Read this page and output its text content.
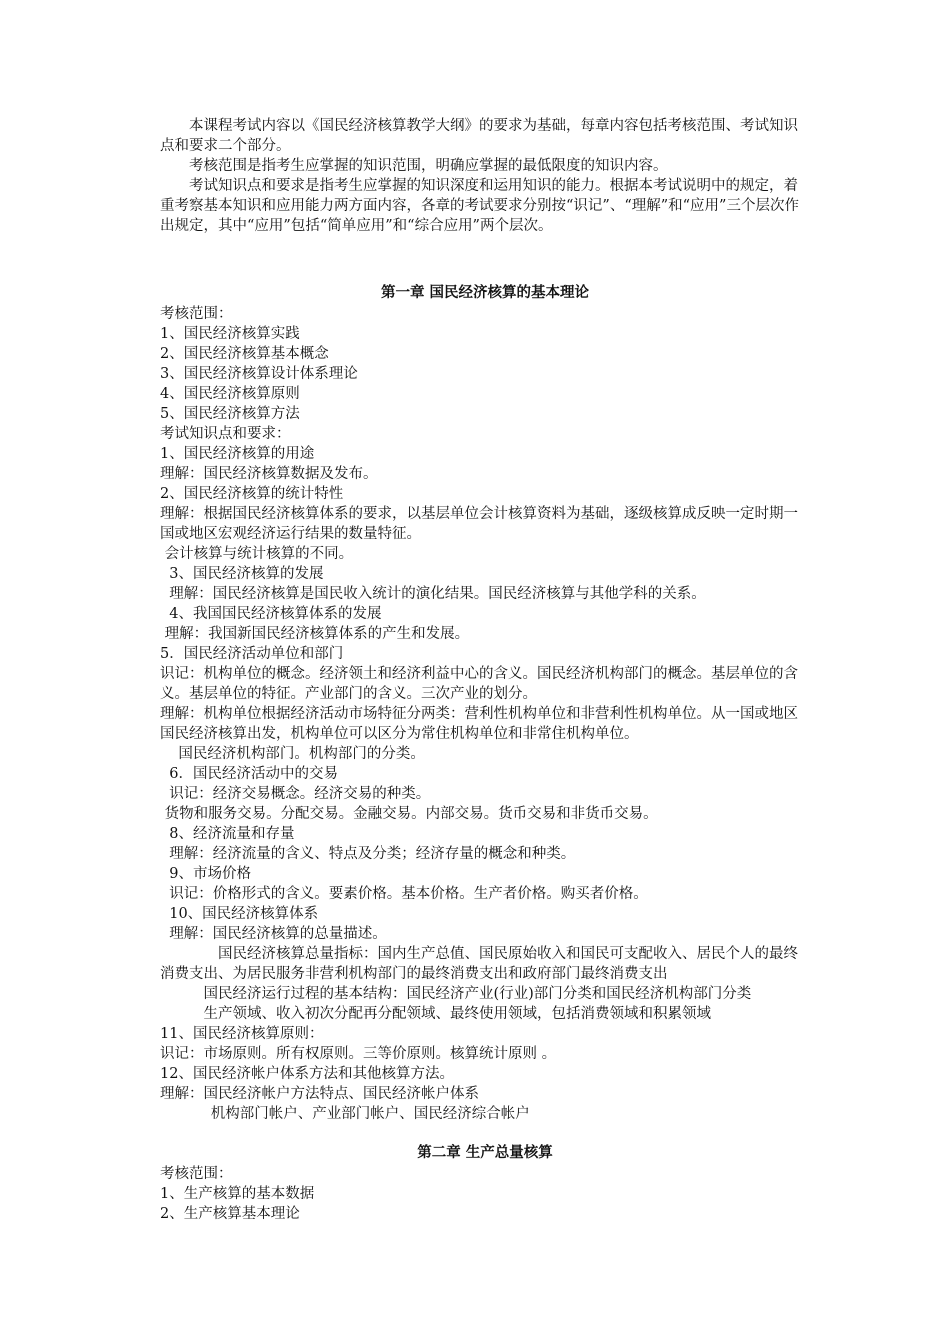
本课程考试内容以《国民经济核算教学大纲》的要求为基础，每章内容包括考核范围、考试知识点和要求二个部分。

考核范围是指考生应掌握的知识范围，明确应掌握的最低限度的知识内容。

考试知识点和要求是指考生应掌握的知识深度和运用知识的能力。根据本考试说明中的规定，着重考察基本知识和应用能力两方面内容，各章的考试要求分别按“识记”、“理解”和“应用”三个层次作出规定，其中“应用”包括“简单应用”和“综合应用”两个层次。

第一章 国民经济核算的基本理论

考核范围：

1、国民经济核算实践

2、国民经济核算基本概念

3、国民经济核算设计体系理论

4、国民经济核算原则

5、国民经济核算方法

考试知识点和要求：

1、国民经济核算的用途

理解：国民经济核算数据及发布。

2、国民经济核算的统计特性

理解：根据国民经济核算体系的要求，以基层单位会计核算资料为基础，逐级核算成反映一定时期一国或地区宏观经济运行结果的数量特征。

会计核算与统计核算的不同。

3、国民经济核算的发展

理解：国民经济核算是国民收入统计的演化结果。国民经济核算与其他学科的关系。

4、我国国民经济核算体系的发展

理解：我国新国民经济核算体系的产生和发展。

5．国民经济活动单位和部门

识记：机构单位的概念。经济领土和经济利益中心的含义。国民经济机构部门的概念。基层单位的含义。基层单位的特征。产业部门的含义。三次产业的划分。

理解：机构单位根据经济活动市场特征分两类：营利性机构单位和非营利性机构单位。从一国或地区国民经济核算出发，机构单位可以区分为常住机构单位和非常住机构单位。

国民经济机构部门。机构部门的分类。

6．国民经济活动中的交易

识记：经济交易概念。经济交易的种类。

货物和服务交易。分配交易。金融交易。内部交易。货币交易和非货币交易。

8、经济流量和存量

理解：经济流量的含义、特点及分类；经济存量的概念和种类。

9、市场价格

识记：价格形式的含义。要素价格。基本价格。生产者价格。购买者价格。

10、国民经济核算体系

理解：国民经济核算的总量描述。

国民经济核算总量指标：国内生产总值、国民原始收入和国民可支配收入、居民个人的最终消费支出、为居民服务非营利机构部门的最终消费支出和政府部门最终消费支出

国民经济运行过程的基本结构：国民经济产业(行业)部门分类和国民经济机构部门分类

生产领域、收入初次分配再分配领域、最终使用领域，包括消费领域和积累领域

11、国民经济核算原则：

识记：市场原则。所有权原则。三等价原则。核算统计原则 。

12、国民经济帐户体系方法和其他核算方法。

理解：国民经济帐户方法特点、国民经济帐户体系

机构部门帐户、产业部门帐户、国民经济综合帐户

第二章 生产总量核算

考核范围：

1、生产核算的基本数据

2、生产核算基本理论
